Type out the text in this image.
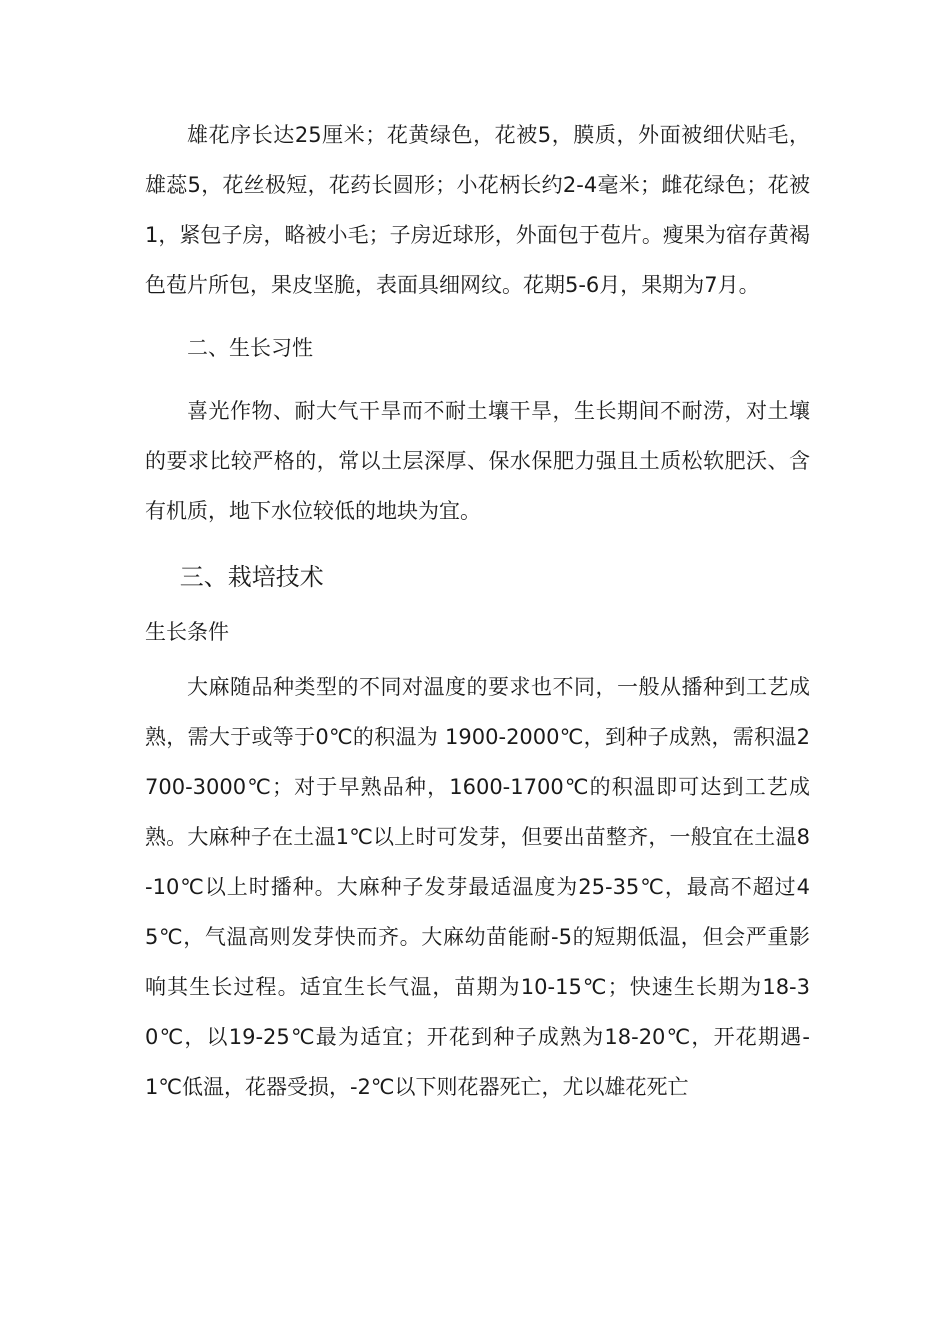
雄花序长达25厘米；花黄绿色，花被5，膜质，外面被细伏贴毛，雄蕊5，花丝极短，花药长圆形；小花柄长约2-4毫米；雌花绿色；花被1，紧包子房，略被小毛；子房近球形，外面包于苞片。瘦果为宿存黄褐色苞片所包，果皮坚脆，表面具细网纹。花期5-6月，果期为7月。

二、生长习性

喜光作物、耐大气干旱而不耐土壤干旱，生长期间不耐涝，对土壤的要求比较严格的，常以土层深厚、保水保肥力强且土质松软肥沃、含有机质，地下水位较低的地块为宜。

三、栽培技术
生长条件

大麻随品种类型的不同对温度的要求也不同，一般从播种到工艺成熟，需大于或等于0℃的积温为 1900-2000℃，到种子成熟，需积温2700-3000℃；对于早熟品种，1600-1700℃的积温即可达到工艺成熟。大麻种子在土温1℃以上时可发芽，但要出苗整齐，一般宜在土温8-10℃以上时播种。大麻种子发芽最适温度为25-35℃，最高不超过45℃，气温高则发芽快而齐。大麻幼苗能耐-5的短期低温，但会严重影响其生长过程。适宜生长气温，苗期为10-15℃；快速生长期为18-30℃，以19-25℃最为适宜；开花到种子成熟为18-20℃，开花期遇-1℃低温，花器受损，-2℃以下则花器死亡，尤以雄花死亡
